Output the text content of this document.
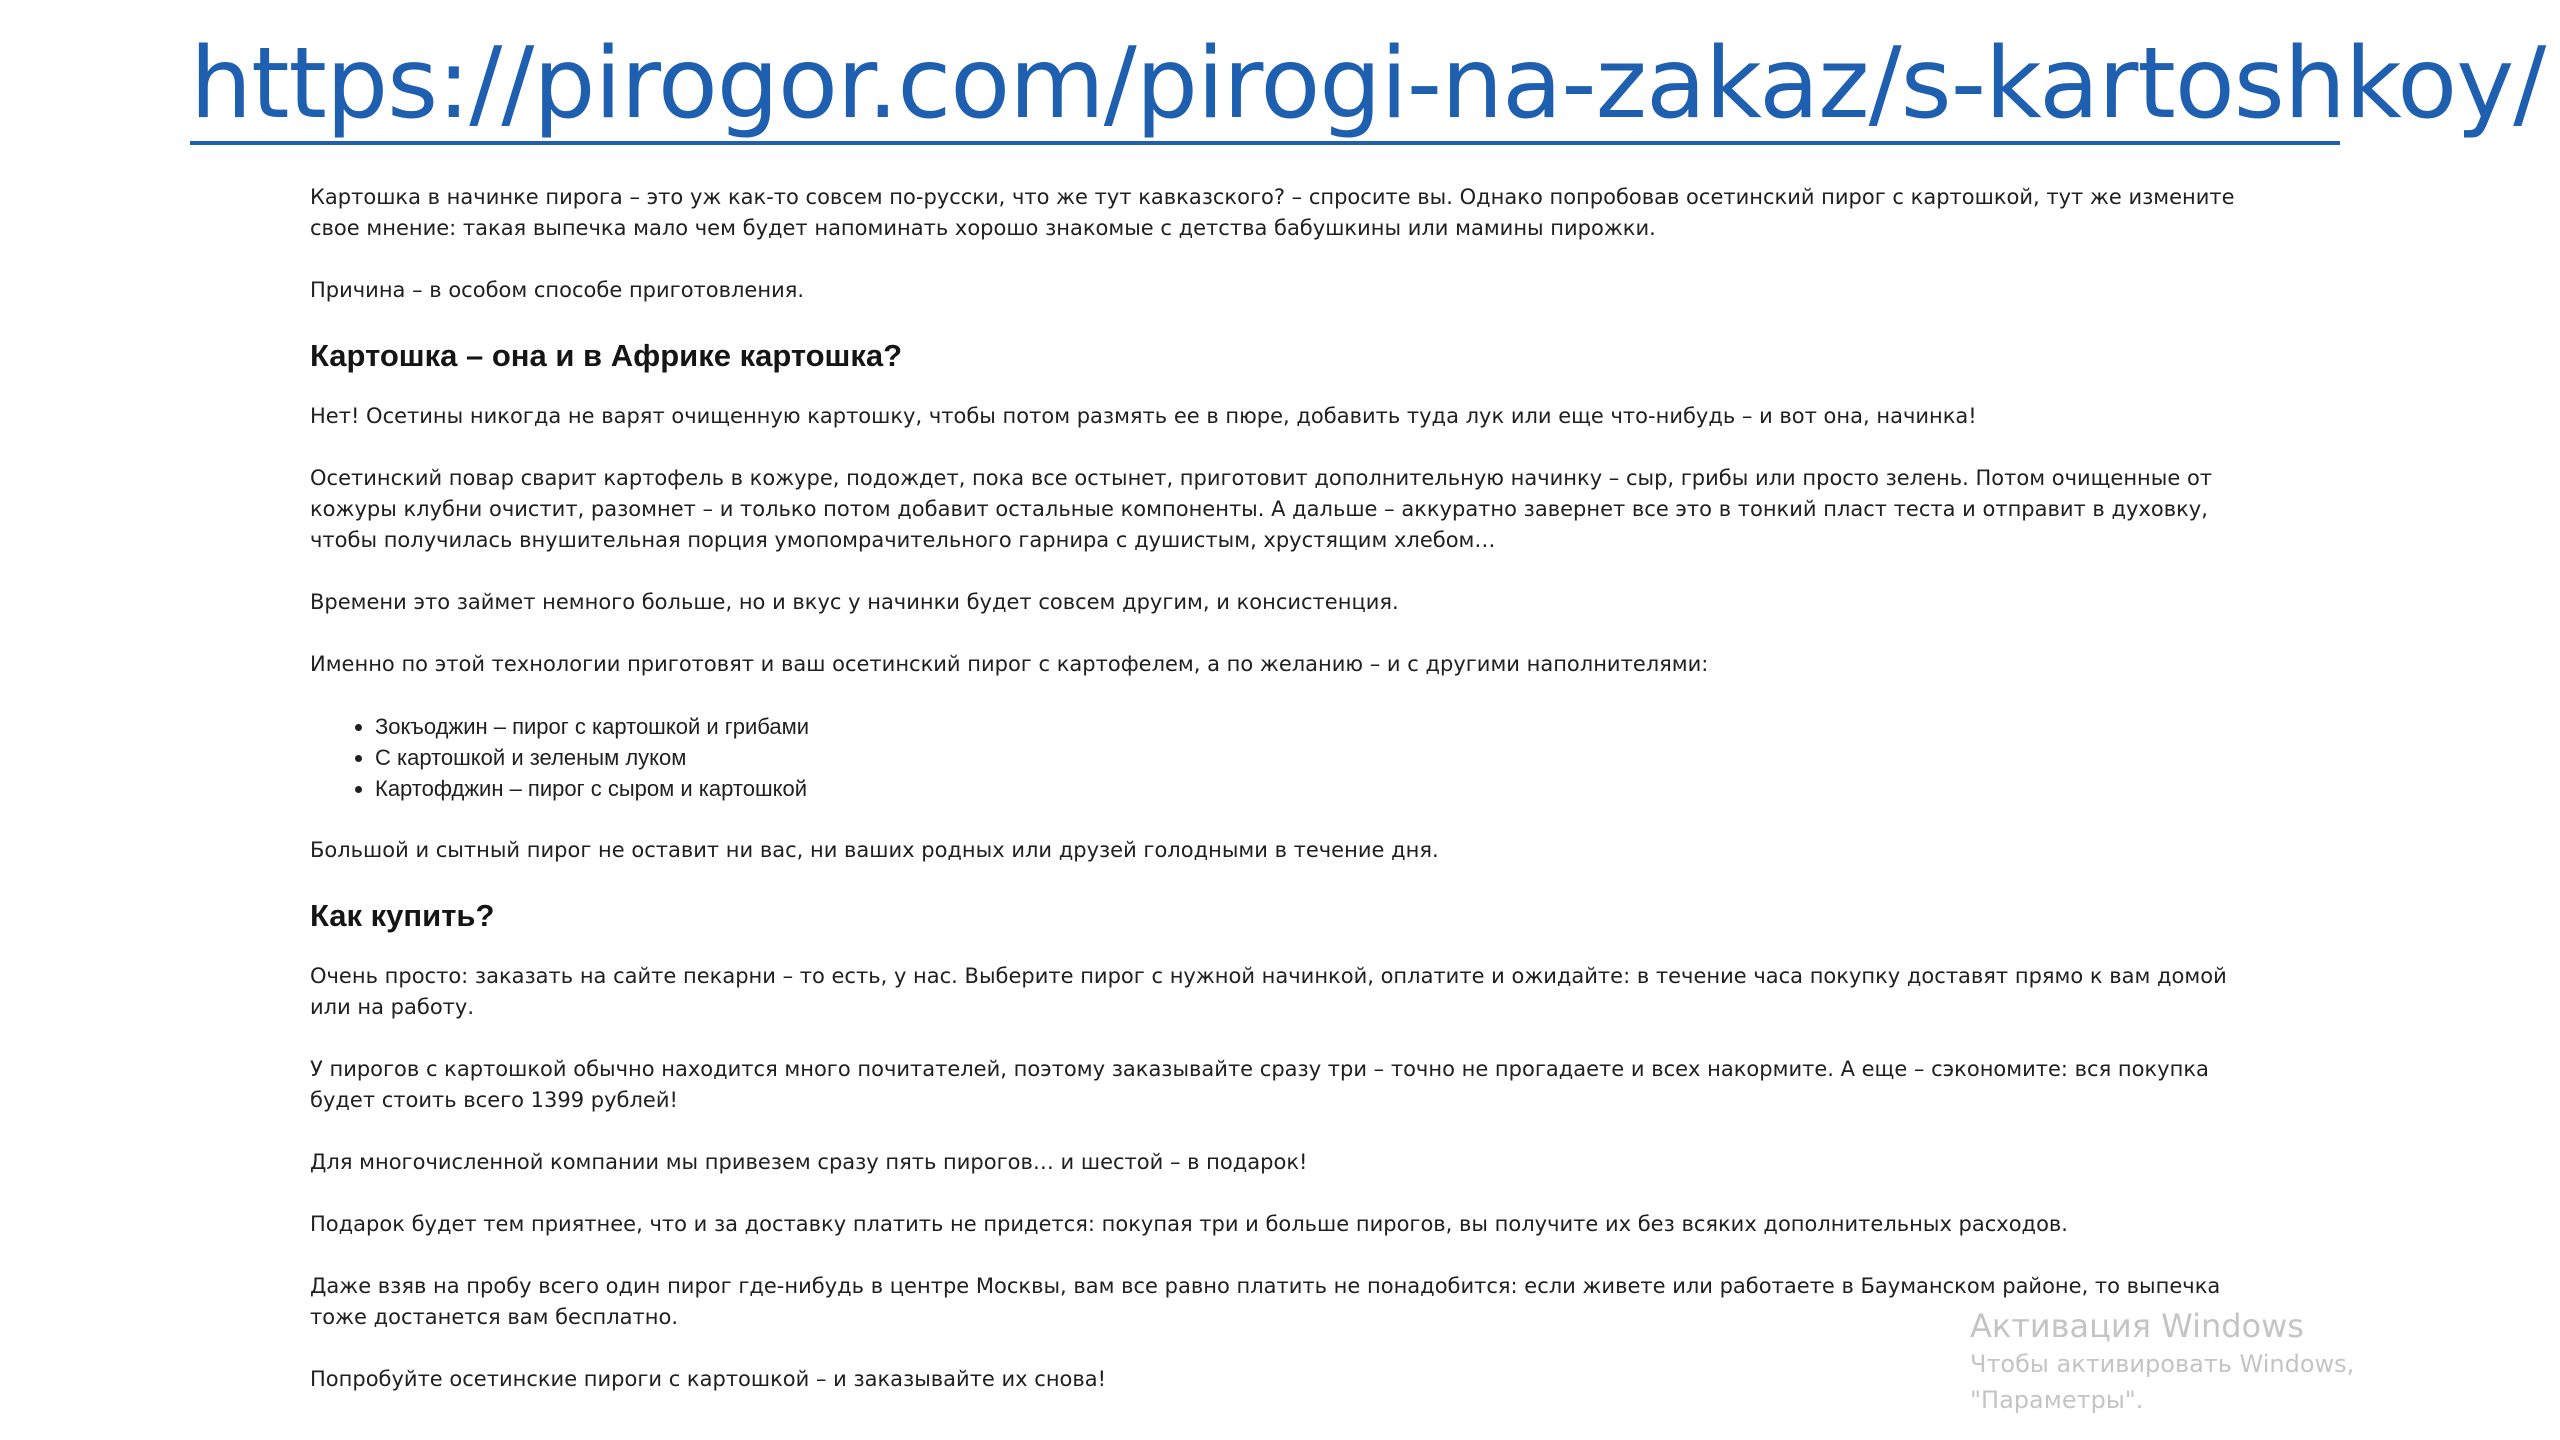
https://pirogor.com/pirogi-na-zakaz/s-kartoshkoy/

Картошка в начинке пирога – это уж как-то совсем по-русски, что же тут кавказского? – спросите вы. Однако попробовав осетинский пирог с картошкой, тут же измените свое мнение: такая выпечка мало чем будет напоминать хорошо знакомые с детства бабушкины или мамины пирожки.

Причина – в особом способе приготовления.

Картошка – она и в Африке картошка?

Нет! Осетины никогда не варят очищенную картошку, чтобы потом размять ее в пюре, добавить туда лук или еще что-нибудь – и вот она, начинка!

Осетинский повар сварит картофель в кожуре, подождет, пока все остынет, приготовит дополнительную начинку – сыр, грибы или просто зелень. Потом очищенные от кожуры клубни очистит, разомнет – и только потом добавит остальные компоненты. А дальше – аккуратно завернет все это в тонкий пласт теста и отправит в духовку, чтобы получилась внушительная порция умопомрачительного гарнира с душистым, хрустящим хлебом…

Времени это займет немного больше, но и вкус у начинки будет совсем другим, и консистенция.

Именно по этой технологии приготовят и ваш осетинский пирог с картофелем, а по желанию – и с другими наполнителями:

• Зокъоджин – пирог с картошкой и грибами
• С картошкой и зеленым луком
• Картофджин – пирог с сыром и картошкой

Большой и сытный пирог не оставит ни вас, ни ваших родных или друзей голодными в течение дня.

Как купить?

Очень просто: заказать на сайте пекарни – то есть, у нас. Выберите пирог с нужной начинкой, оплатите и ожидайте: в течение часа покупку доставят прямо к вам домой или на работу.

У пирогов с картошкой обычно находится много почитателей, поэтому заказывайте сразу три – точно не прогадаете и всех накормите. А еще – сэкономите: вся покупка будет стоить всего 1399 рублей!

Для многочисленной компании мы привезем сразу пять пирогов… и шестой – в подарок!

Подарок будет тем приятнее, что и за доставку платить не придется: покупая три и больше пирогов, вы получите их без всяких дополнительных расходов.

Даже взяв на пробу всего один пирог где-нибудь в центре Москвы, вам все равно платить не понадобится: если живете или работаете в Бауманском районе, то выпечка тоже достанется вам бесплатно.

Попробуйте осетинские пироги с картошкой – и заказывайте их снова!

Активация Windows
Чтобы активировать Windows,
"Параметры".
